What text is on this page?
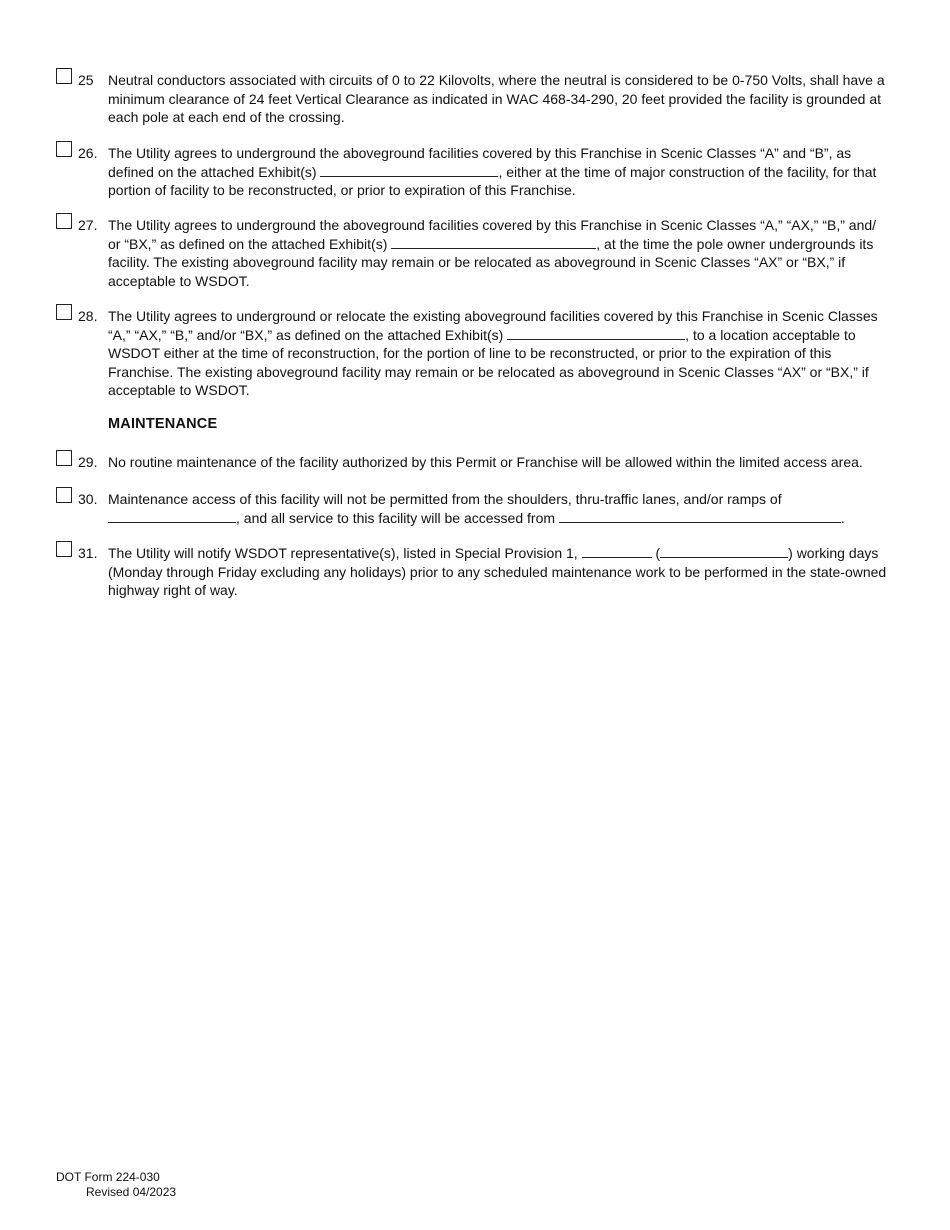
25 Neutral conductors associated with circuits of 0 to 22 Kilovolts, where the neutral is considered to be 0-750 Volts, shall have a minimum clearance of 24 feet Vertical Clearance as indicated in WAC 468-34-290, 20 feet provided the facility is grounded at each pole at each end of the crossing.
26. The Utility agrees to underground the aboveground facilities covered by this Franchise in Scenic Classes “A” and “B”, as defined on the attached Exhibit(s)	, either at the time of major construction of the facility, for that portion of facility to be reconstructed, or prior to expiration of this Franchise.
27. The Utility agrees to underground the aboveground facilities covered by this Franchise in Scenic Classes “A,” “AX,” “B,” and/ or “BX,” as defined on the attached Exhibit(s)	, at the time the pole owner undergrounds its facility. The existing aboveground facility may remain or be relocated as aboveground in Scenic Classes “AX” or “BX,” if acceptable to WSDOT.
28. The Utility agrees to underground or relocate the existing aboveground facilities covered by this Franchise in Scenic Classes “A,” “AX,” “B,” and/or “BX,” as defined on the attached Exhibit(s)	, to a location acceptable to WSDOT either at the time of reconstruction, for the portion of line to be reconstructed, or prior to the expiration of this Franchise. The existing aboveground facility may remain or be relocated as aboveground in Scenic Classes “AX” or “BX,” if acceptable to WSDOT.
MAINTENANCE
29. No routine maintenance of the facility authorized by this Permit or Franchise will be allowed within the limited access area.
30. Maintenance access of this facility will not be permitted from the shoulders, thru-traffic lanes, and/or ramps of , and all service to this facility will be accessed from	.
31. The Utility will notify WSDOT representative(s), listed in Special Provision 1,	(	) working days (Monday through Friday excluding any holidays) prior to any scheduled maintenance work to be performed in the state-owned highway right of way.
DOT Form 224-030
Revised 04/2023
